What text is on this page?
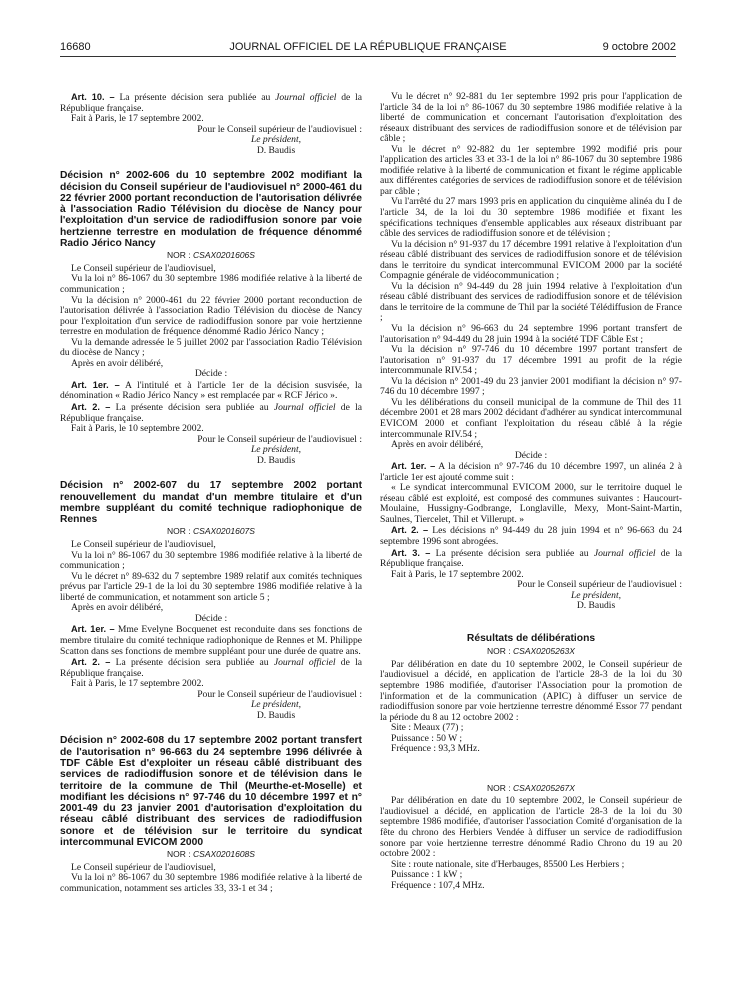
16680	JOURNAL OFFICIEL DE LA RÉPUBLIQUE FRANÇAISE	9 octobre 2002

Art. 10. – La présente décision sera publiée au Journal officiel de la République française.

Fait à Paris, le 17 septembre 2002.

Pour le Conseil supérieur de l'audiovisuel :

Le président,

D. Baudis

Décision n° 2002-606 du 10 septembre 2002 modifiant la décision du Conseil supérieur de l'audiovisuel n° 2000-461 du 22 février 2000 portant reconduction de l'autorisation délivrée à l'association Radio Télévision du diocèse de Nancy pour l'exploitation d'un service de radiodiffusion sonore par voie hertzienne terrestre en modulation de fréquence dénommé Radio Jérico Nancy
NOR : CSAX0201606S

Le Conseil supérieur de l'audiovisuel,

Vu la loi n° 86-1067 du 30 septembre 1986 modifiée relative à la liberté de communication ;

Vu la décision n° 2000-461 du 22 février 2000 portant reconduction de l'autorisation délivrée à l'association Radio Télévision du diocèse de Nancy pour l'exploitation d'un service de radiodiffusion sonore par voie hertzienne terrestre en modulation de fréquence dénommé Radio Jérico Nancy ;

Vu la demande adressée le 5 juillet 2002 par l'association Radio Télévision du diocèse de Nancy ;

Après en avoir délibéré,

Décide :

Art. 1er. – A l'intitulé et à l'article 1er de la décision susvisée, la dénomination « Radio Jérico Nancy » est remplacée par « RCF Jérico ».

Art. 2. – La présente décision sera publiée au Journal officiel de la République française.

Fait à Paris, le 10 septembre 2002.

Pour le Conseil supérieur de l'audiovisuel :

Le président,

D. Baudis

Décision n° 2002-607 du 17 septembre 2002 portant renouvellement du mandat d'un membre titulaire et d'un membre suppléant du comité technique radiophonique de Rennes
NOR : CSAX0201607S

Le Conseil supérieur de l'audiovisuel,

Vu la loi n° 86-1067 du 30 septembre 1986 modifiée relative à la liberté de communication ;

Vu le décret n° 89-632 du 7 septembre 1989 relatif aux comités techniques prévus par l'article 29-1 de la loi du 30 septembre 1986 modifiée relative à la liberté de communication, et notamment son article 5 ;

Après en avoir délibéré,

Décide :

Art. 1er. – Mme Evelyne Bocquenet est reconduite dans ses fonctions de membre titulaire du comité technique radiophonique de Rennes et M. Philippe Scatton dans ses fonctions de membre suppléant pour une durée de quatre ans.

Art. 2. – La présente décision sera publiée au Journal officiel de la République française.

Fait à Paris, le 17 septembre 2002.

Pour le Conseil supérieur de l'audiovisuel :

Le président,

D. Baudis

Décision n° 2002-608 du 17 septembre 2002 portant transfert de l'autorisation n° 96-663 du 24 septembre 1996 délivrée à TDF Câble Est d'exploiter un réseau câblé distribuant des services de radiodiffusion sonore et de télévision dans le territoire de la commune de Thil (Meurthe-et-Moselle) et modifiant les décisions n° 97-746 du 10 décembre 1997 et n° 2001-49 du 23 janvier 2001 d'autorisation d'exploitation du réseau câblé distribuant des services de radiodiffusion sonore et de télévision sur le territoire du syndicat intercommunal EVICOM 2000
NOR : CSAX0201608S

Le Conseil supérieur de l'audiovisuel,

Vu la loi n° 86-1067 du 30 septembre 1986 modifiée relative à la liberté de communication, notamment ses articles 33, 33-1 et 34 ;

Vu le décret n° 92-881 du 1er septembre 1992 pris pour l'application de l'article 34 de la loi n° 86-1067 du 30 septembre 1986 modifiée relative à la liberté de communication et concernant l'autorisation d'exploitation des réseaux distribuant des services de radiodiffusion sonore et de télévision par câble ;

Vu le décret n° 92-882 du 1er septembre 1992 modifié pris pour l'application des articles 33 et 33-1 de la loi n° 86-1067 du 30 septembre 1986 modifiée relative à la liberté de communication et fixant le régime applicable aux différentes catégories de services de radiodiffusion sonore et de télévision par câble ;

Vu l'arrêté du 27 mars 1993 pris en application du cinquième alinéa du I de l'article 34, de la loi du 30 septembre 1986 modifiée et fixant les spécifications techniques d'ensemble applicables aux réseaux distribuant par câble des services de radiodiffusion sonore et de télévision ;

Vu la décision n° 91-937 du 17 décembre 1991 relative à l'exploitation d'un réseau câblé distribuant des services de radiodiffusion sonore et de télévision dans le territoire du syndicat intercommunal EVICOM 2000 par la société Compagnie générale de vidéocommunication ;

Vu la décision n° 94-449 du 28 juin 1994 relative à l'exploitation d'un réseau câblé distribuant des services de radiodiffusion sonore et de télévision dans le territoire de la commune de Thil par la société Télédiffusion de France ;

Vu la décision n° 96-663 du 24 septembre 1996 portant transfert de l'autorisation n° 94-449 du 28 juin 1994 à la société TDF Câble Est ;

Vu la décision n° 97-746 du 10 décembre 1997 portant transfert de l'autorisation n° 91-937 du 17 décembre 1991 au profit de la régie intercommunale RIV.54 ;

Vu la décision n° 2001-49 du 23 janvier 2001 modifiant la décision n° 97-746 du 10 décembre 1997 ;

Vu les délibérations du conseil municipal de la commune de Thil des 11 décembre 2001 et 28 mars 2002 décidant d'adhérer au syndicat intercommunal EVICOM 2000 et confiant l'exploitation du réseau câblé à la régie intercommunale RIV.54 ;

Après en avoir délibéré,

Décide :

Art. 1er. – A la décision n° 97-746 du 10 décembre 1997, un alinéa 2 à l'article 1er est ajouté comme suit :

« Le syndicat intercommunal EVICOM 2000, sur le territoire duquel le réseau câblé est exploité, est composé des communes suivantes : Haucourt-Moulaine, Hussigny-Godbrange, Longlaville, Mexy, Mont-Saint-Martin, Saulnes, Tiercelet, Thil et Villerupt. »

Art. 2. – Les décisions n° 94-449 du 28 juin 1994 et n° 96-663 du 24 septembre 1996 sont abrogées.

Art. 3. – La présente décision sera publiée au Journal officiel de la République française.

Fait à Paris, le 17 septembre 2002.

Pour le Conseil supérieur de l'audiovisuel :

Le président,

D. Baudis

Résultats de délibérations
NOR : CSAX0205263X

Par délibération en date du 10 septembre 2002, le Conseil supérieur de l'audiovisuel a décidé, en application de l'article 28-3 de la loi du 30 septembre 1986 modifiée, d'autoriser l'Association pour la promotion de l'information et de la communication (APIC) à diffuser un service de radiodiffusion sonore par voie hertzienne terrestre dénommé Essor 77 pendant la période du 8 au 12 octobre 2002 :

Site : Meaux (77) ;

Puissance : 50 W ;

Fréquence : 93,3 MHz.

NOR : CSAX0205267X

Par délibération en date du 10 septembre 2002, le Conseil supérieur de l'audiovisuel a décidé, en application de l'article 28-3 de la loi du 30 septembre 1986 modifiée, d'autoriser l'association Comité d'organisation de la fête du chrono des Herbiers Vendée à diffuser un service de radiodiffusion sonore par voie hertzienne terrestre dénommé Radio Chrono du 19 au 20 octobre 2002 :

Site : route nationale, site d'Herbauges, 85500 Les Herbiers ;

Puissance : 1 kW ;

Fréquence : 107,4 MHz.
